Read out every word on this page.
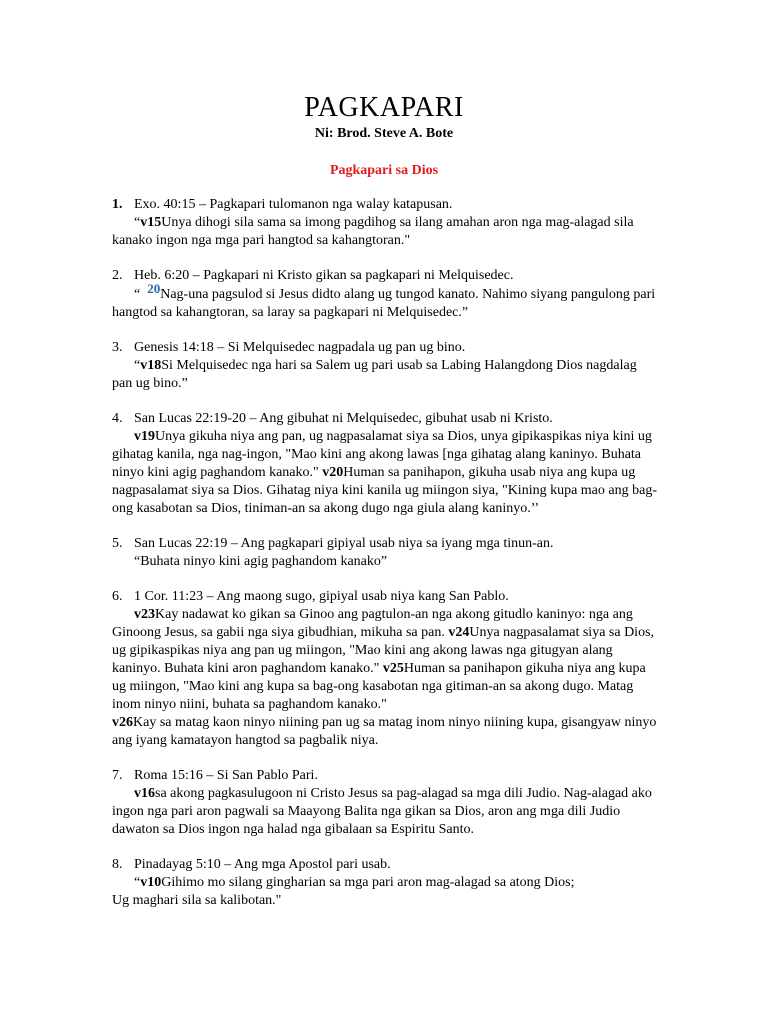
PAGKAPARI
Ni: Brod. Steve A. Bote
Pagkapari sa Dios
1. Exo. 40:15 – Pagkapari tulomanon nga walay katapusan.

“v15Unya dihogi sila sama sa imong pagdihog sa ilang amahan aron nga mag-alagad sila kanako ingon nga mga pari hangtod sa kahangtoran."

2. Heb. 6:20 – Pagkapari ni Kristo gikan sa pagkapari ni Melquisedec.

“ 20Nag-una pagsulod si Jesus didto alang ug tungod kanato. Nahimo siyang pangulong pari hangtod sa kahangtoran, sa laray sa pagkapari ni Melquisedec.”

3. Genesis 14:18 – Si Melquisedec nagpadala ug pan ug bino.

“v18Si Melquisedec nga hari sa Salem ug pari usab sa Labing Halangdong Dios nagdalag pan ug bino.”

4. San Lucas 22:19-20 – Ang gibuhat ni Melquisedec, gibuhat usab ni Kristo.

v19Unya gikuha niya ang pan, ug nagpasalamat siya sa Dios, unya gipikaspikas niya kini ug gihatag kanila, nga nag-ingon, "Mao kini ang akong lawas [nga gihatag alang kaninyo. Buhata ninyo kini agig paghandom kanako." v20Human sa panihapon, gikuha usab niya ang kupa ug nagpasalamat siya sa Dios. Gihatag niya kini kanila ug miingon siya, "Kining kupa mao ang bag-ong kasabotan sa Dios, tiniman-an sa akong dugo nga giula alang kaninyo.’’

5. San Lucas 22:19 – Ang pagkapari gipiyal usab niya sa iyang mga tinun-an.

“Buhata ninyo kini agig paghandom kanako”

6. 1 Cor. 11:23 – Ang maong sugo, gipiyal usab niya kang San Pablo.

v23Kay nadawat ko gikan sa Ginoo ang pagtulon-an nga akong gitudlo kaninyo: nga ang Ginoong Jesus, sa gabii nga siya gibudhian, mikuha sa pan. v24Unya nagpasalamat siya sa Dios, ug gipikaspikas niya ang pan ug miingon, "Mao kini ang akong lawas nga gitugyan alang kaninyo. Buhata kini aron paghandom kanako." v25Human sa panihapon gikuha niya ang kupa ug miingon, "Mao kini ang kupa sa bag-ong kasabotan nga gitiman-an sa akong dugo. Matag inom ninyo niini, buhata sa paghandom kanako."

v26Kay sa matag kaon ninyo niining pan ug sa matag inom ninyo niining kupa, gisangyaw ninyo ang iyang kamatayon hangtod sa pagbalik niya.

7. Roma 15:16 – Si San Pablo Pari.

v16sa akong pagkasulugoon ni Cristo Jesus sa pag-alagad sa mga dili Judio. Nag-alagad ako ingon nga pari aron pagwali sa Maayong Balita nga gikan sa Dios, aron ang mga dili Judio dawaton sa Dios ingon nga halad nga gibalaan sa Espiritu Santo.

8. Pinadayag 5:10 – Ang mga Apostol pari usab.

“v10Gihimo mo silang gingharian sa mga pari aron mag-alagad sa atong Dios;

Ug maghari sila sa kalibotan."
